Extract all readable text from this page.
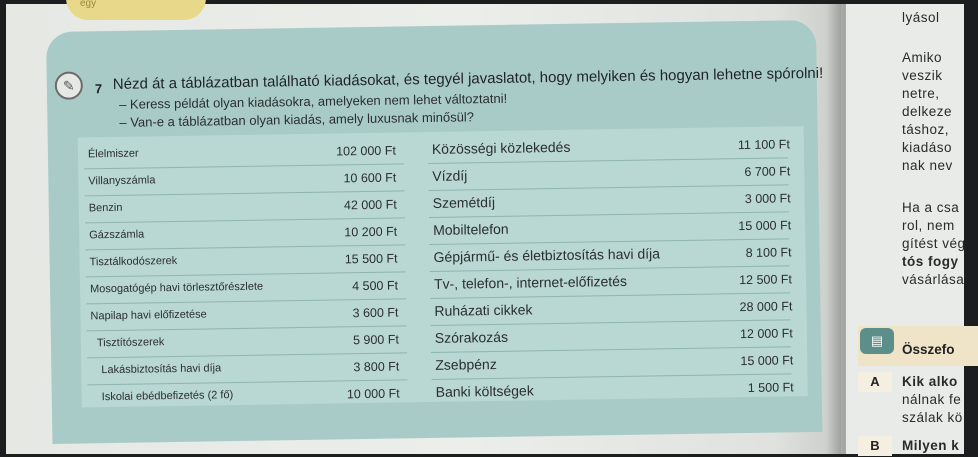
egy
✎	7 Nézd át a táblázatban található kiadásokat, és tegyél javaslatot, hogy melyiken és hogyan lehetne spórolni!
– Keress példát olyan kiadásokra, amelyeken nem lehet változtatni!
– Van-e a táblázatban olyan kiadás, amely luxusnak minősül?
Élelmiszer	102 000 Ft	Közösségi közlekedés	11 100 Ft
Villanyszámla	10 600 Ft	Vízdíj	6 700 Ft
Benzin	42 000 Ft	Szemétdíj	3 000 Ft
Gázszámla	10 200 Ft	Mobiltelefon	15 000 Ft
Tisztálkodószerek	15 500 Ft	Gépjármű- és életbiztosítás havi díja	8 100 Ft
Mosogatógép havi törlesztőrészlete	4 500 Ft	Tv-, telefon-, internet-előfizetés	12 500 Ft
Napilap havi előfizetése	3 600 Ft	Ruházati cikkek	28 000 Ft
Tisztítószerek	5 900 Ft	Szórakozás	12 000 Ft
Lakásbiztosítás havi díja	3 800 Ft	Zsebpénz	15 000 Ft
Iskolai ebédbefizetés (2 fő)	10 000 Ft	Banki költségek	1 500 Ft
lyásol
Amiko
veszik
netre,
delkeze
táshoz,
kiadáso
nak nev
Ha a csa
rol, nem
gítést vég
tós fogy
vásárlása
▤
Összefo
A	Kik alko
nálnak fe
szálak kö
B	Milyen k
